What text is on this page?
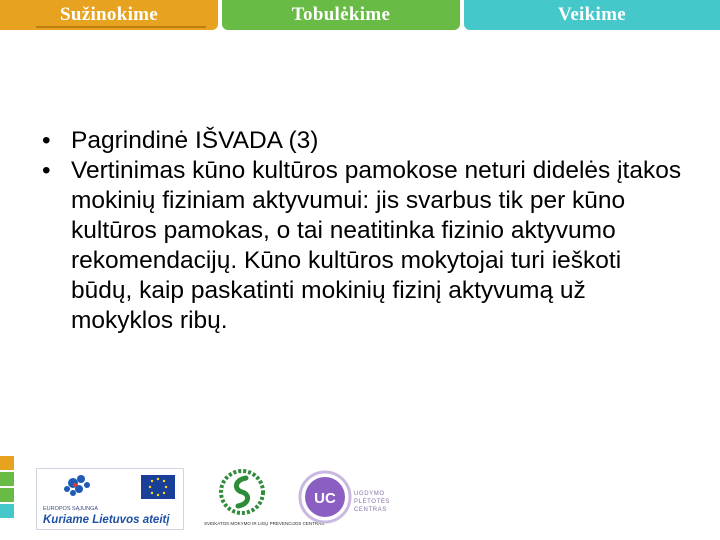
Sužinokime	Tobulėkime	Veikime
• Pagrindinė IŠVADA (3)
• Vertinimas kūno kultūros pamokose neturi didelės įtakos mokinių fiziniam aktyvumui: jis svarbus tik per kūno kultūros pamokas, o tai neatitinka fizinio aktyvumo rekomendacijų. Kūno kultūros mokytojai turi ieškoti būdų, kaip paskatinti mokinių fizinį aktyvumą už mokyklos ribų.
EUROPOS SĄJUNGA
Kuriame Lietuvos ateitį	SVEIKATOS MOKYMO IR LIGŲ PREVENCIJOS CENTRAS
UC	UGDYMO
PLĖTOTĖS
CENTRAS
